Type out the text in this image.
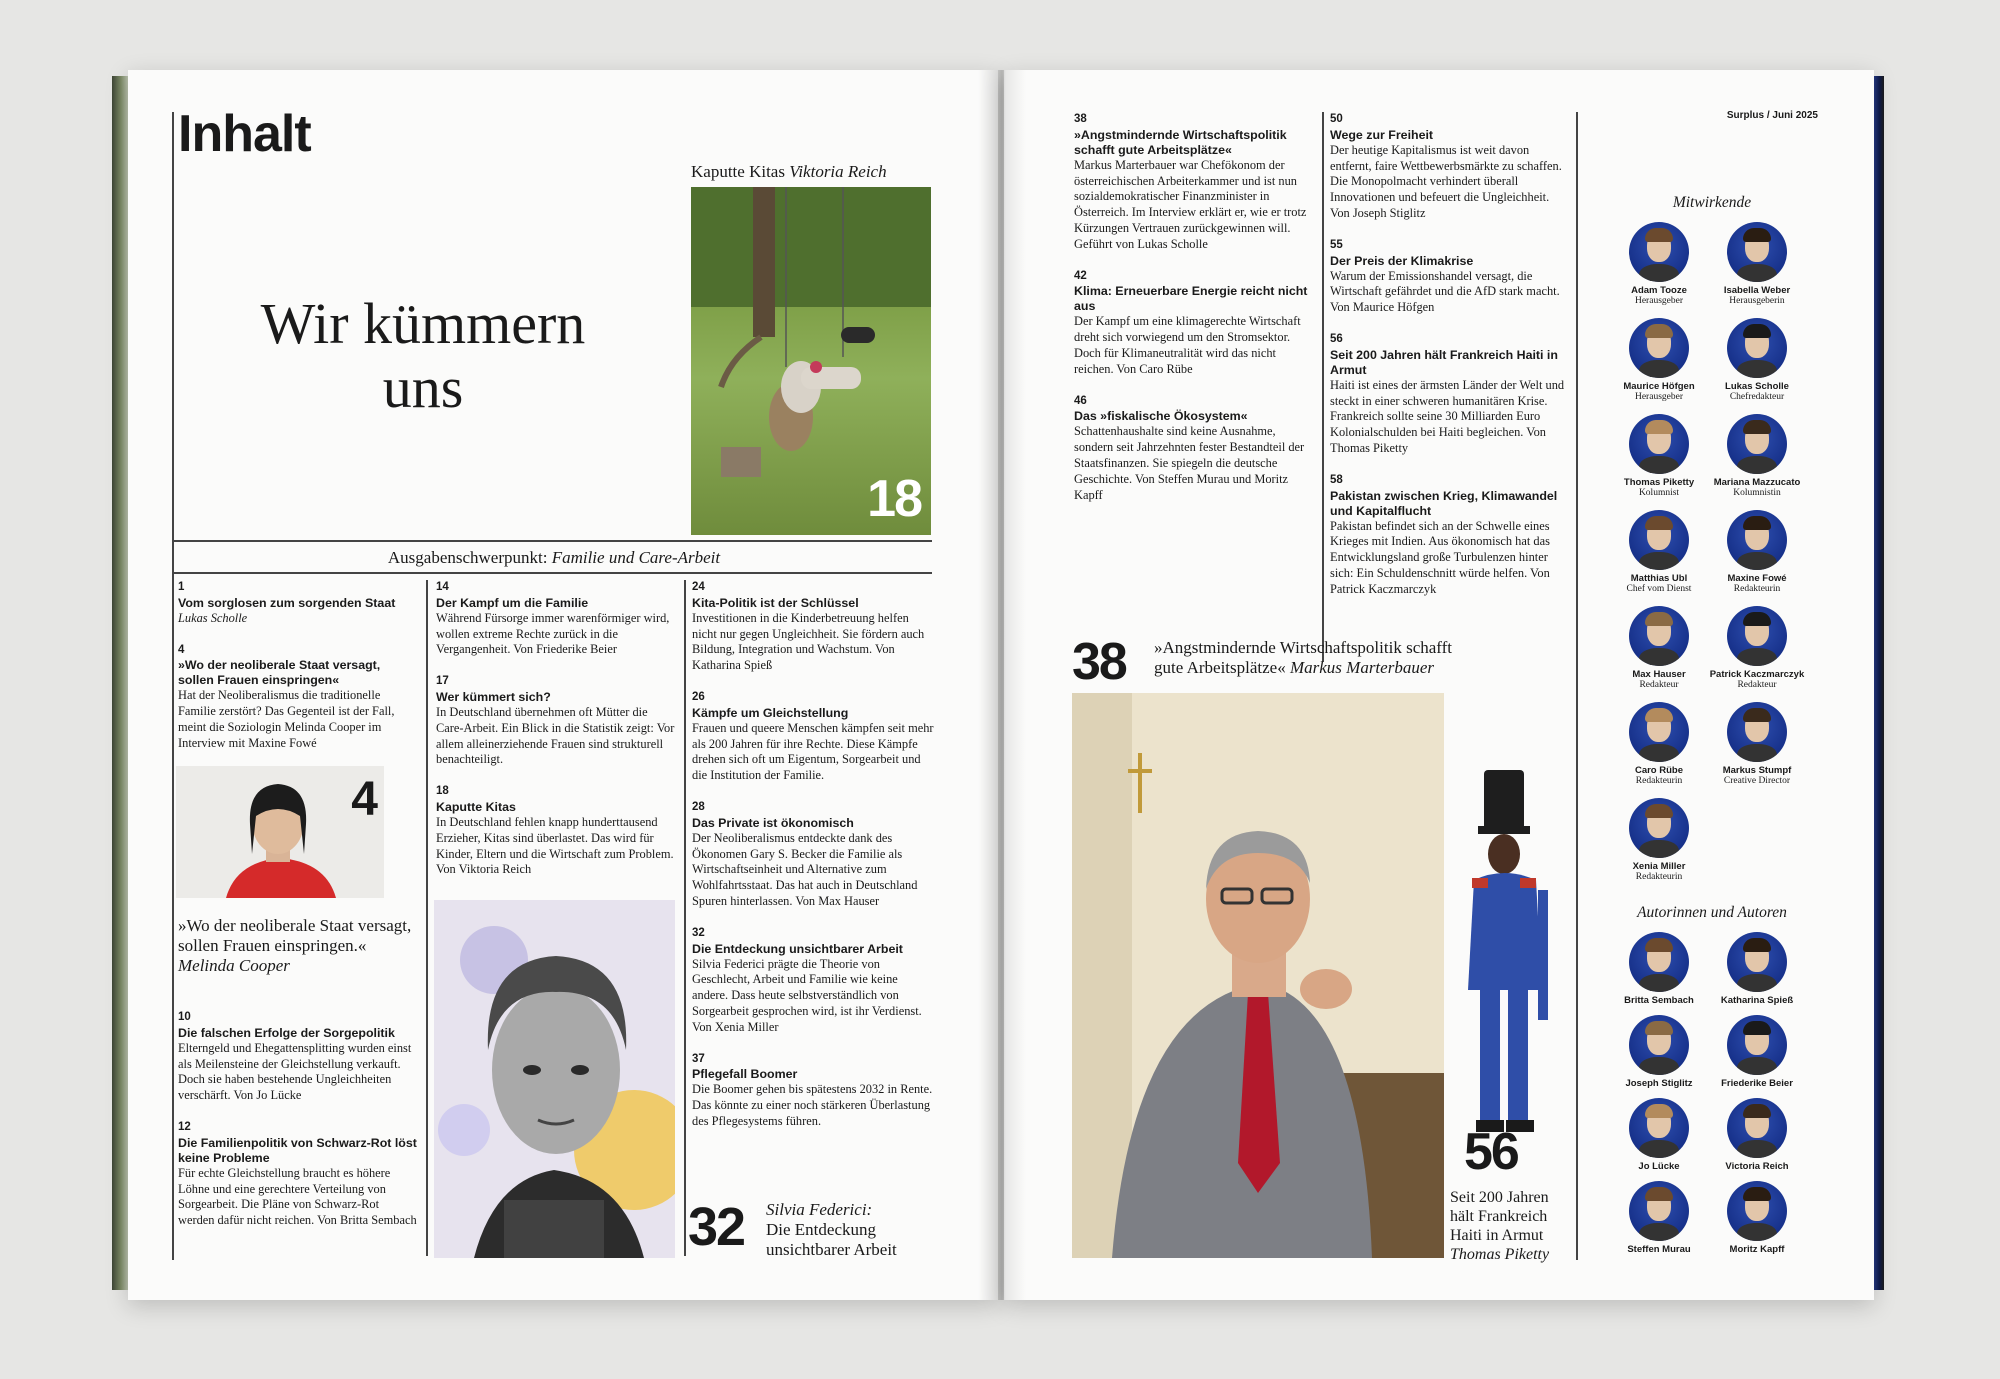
Inhalt
Wir kümmern
uns
Kaputte Kitas Viktoria Reich
18
Ausgabenschwerpunkt: Familie und Care-Arbeit
1
Vom sorglosen zum sorgenden Staat
Lukas Scholle
4
»Wo der neoliberale Staat versagt, sollen Frauen einspringen«
Hat der Neoliberalismus die traditionelle Familie zerstört? Das Gegenteil ist der Fall, meint die Soziologin Melinda Cooper im Interview mit Maxine Fowé
4
»Wo der neoliberale Staat versagt, sollen Frauen einspringen.«
Melinda Cooper
10
Die falschen Erfolge der Sorgepolitik
Elterngeld und Ehegattensplitting wurden einst als Meilensteine der Gleichstellung verkauft. Doch sie haben bestehende Ungleichheiten verschärft. Von Jo Lücke
12
Die Familienpolitik von Schwarz-Rot löst keine Probleme
Für echte Gleichstellung braucht es höhere Löhne und eine gerechtere Verteilung von Sorgearbeit. Die Pläne von Schwarz-Rot werden dafür nicht reichen. Von Britta Sembach
14
Der Kampf um die Familie
Während Fürsorge immer warenförmiger wird, wollen extreme Rechte zurück in die Vergangenheit. Von Friederike Beier
17
Wer kümmert sich?
In Deutschland übernehmen oft Mütter die Care-Arbeit. Ein Blick in die Statistik zeigt: Vor allem alleinerziehende Frauen sind strukturell benachteiligt.
18
Kaputte Kitas
In Deutschland fehlen knapp hunderttausend Erzieher, Kitas sind überlastet. Das wird für Kinder, Eltern und die Wirtschaft zum Problem. Von Viktoria Reich
24
Kita-Politik ist der Schlüssel
Investitionen in die Kinderbetreuung helfen nicht nur gegen Ungleichheit. Sie fördern auch Bildung, Integration und Wachstum. Von Katharina Spieß
26
Kämpfe um Gleichstellung
Frauen und queere Menschen kämpfen seit mehr als 200 Jahren für ihre Rechte. Diese Kämpfe drehen sich oft um Eigentum, Sorgearbeit und die Institution der Familie.
28
Das Private ist ökonomisch
Der Neoliberalismus entdeckte dank des Ökonomen Gary S. Becker die Familie als Wirtschaftseinheit und Alternative zum Wohlfahrtsstaat. Das hat auch in Deutschland Spuren hinterlassen. Von Max Hauser
32
Die Entdeckung unsichtbarer Arbeit
Silvia Federici prägte die Theorie von Geschlecht, Arbeit und Familie wie keine andere. Dass heute selbstverständlich von Sorgearbeit gesprochen wird, ist ihr Verdienst. Von Xenia Miller
37
Pflegefall Boomer
Die Boomer gehen bis spätestens 2032 in Rente. Das könnte zu einer noch stärkeren Überlastung des Pflegesystems führen.
32 Silvia Federici:
Die Entdeckung
unsichtbarer Arbeit
Surplus / Juni 2025
38
»Angstmindernde Wirtschaftspolitik schafft gute Arbeitsplätze«
Markus Marterbauer war Chefökonom der österreichischen Arbeiterkammer und ist nun sozialdemokratischer Finanzminister in Österreich. Im Interview erklärt er, wie er trotz Kürzungen Vertrauen zurückgewinnen will. Geführt von Lukas Scholle
42
Klima: Erneuerbare Energie reicht nicht aus
Der Kampf um eine klimagerechte Wirtschaft dreht sich vorwiegend um den Stromsektor. Doch für Klimaneutralität wird das nicht reichen. Von Caro Rübe
46
Das »fiskalische Ökosystem«
Schattenhaushalte sind keine Ausnahme, sondern seit Jahrzehnten fester Bestandteil der Staatsfinanzen. Sie spiegeln die deutsche Geschichte. Von Steffen Murau und Moritz Kapff
50
Wege zur Freiheit
Der heutige Kapitalismus ist weit davon entfernt, faire Wettbewerbsmärkte zu schaffen. Die Monopolmacht verhindert überall Innovationen und befeuert die Ungleichheit. Von Joseph Stiglitz
55
Der Preis der Klimakrise
Warum der Emissionshandel versagt, die Wirtschaft gefährdet und die AfD stark macht. Von Maurice Höfgen
56
Seit 200 Jahren hält Frankreich Haiti in Armut
Haiti ist eines der ärmsten Länder der Welt und steckt in einer schweren humanitären Krise. Frankreich sollte seine 30 Milliarden Euro Kolonialschulden bei Haiti begleichen. Von Thomas Piketty
58
Pakistan zwischen Krieg, Klimawandel und Kapitalflucht
Pakistan befindet sich an der Schwelle eines Krieges mit Indien. Aus ökonomisch hat das Entwicklungsland große Turbulenzen hinter sich: Ein Schuldenschnitt würde helfen. Von Patrick Kaczmarczyk
38 »Angstmindernde Wirtschaftspolitik schafft
gute Arbeitsplätze« Markus Marterbauer
56
Seit 200 Jahren
hält Frankreich
Haiti in Armut
Thomas Piketty
Mitwirkende
Adam Tooze
Herausgeber
Isabella Weber
Herausgeberin
Maurice Höfgen
Herausgeber
Lukas Scholle
Chefredakteur
Thomas Piketty
Kolumnist
Mariana Mazzucato
Kolumnistin
Matthias Ubl
Chef vom Dienst
Maxine Fowé
Redakteurin
Max Hauser
Redakteur
Patrick Kaczmarczyk
Redakteur
Caro Rübe
Redakteurin
Markus Stumpf
Creative Director
Xenia Miller
Redakteurin
Autorinnen und Autoren
Britta Sembach	Katharina Spieß
Joseph Stiglitz	Friederike Beier
Jo Lücke	Victoria Reich
Steffen Murau	Moritz Kapff
